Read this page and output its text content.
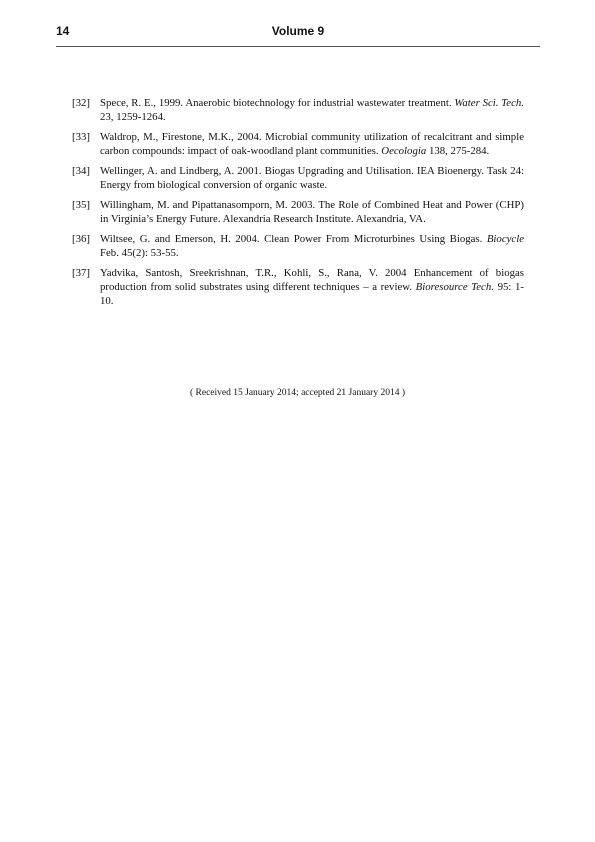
14	Volume 9
[32] Spece, R. E., 1999. Anaerobic biotechnology for industrial wastewater treatment. Water Sci. Tech. 23, 1259-1264.
[33] Waldrop, M., Firestone, M.K., 2004. Microbial community utilization of recalcitrant and simple carbon compounds: impact of oak-woodland plant communities. Oecologia 138, 275-284.
[34] Wellinger, A. and Lindberg, A. 2001. Biogas Upgrading and Utilisation. IEA Bioenergy. Task 24: Energy from biological conversion of organic waste.
[35] Willingham, M. and Pipattanasomporn, M. 2003. The Role of Combined Heat and Power (CHP) in Virginia’s Energy Future. Alexandria Research Institute. Alexandria, VA.
[36] Wiltsee, G. and Emerson, H. 2004. Clean Power From Microturbines Using Biogas. Biocycle Feb. 45(2): 53-55.
[37] Yadvika, Santosh, Sreekrishnan, T.R., Kohli, S., Rana, V. 2004 Enhancement of biogas production from solid substrates using different techniques – a review. Bioresource Tech. 95: 1-10.
( Received 15 January 2014; accepted 21 January 2014 )
